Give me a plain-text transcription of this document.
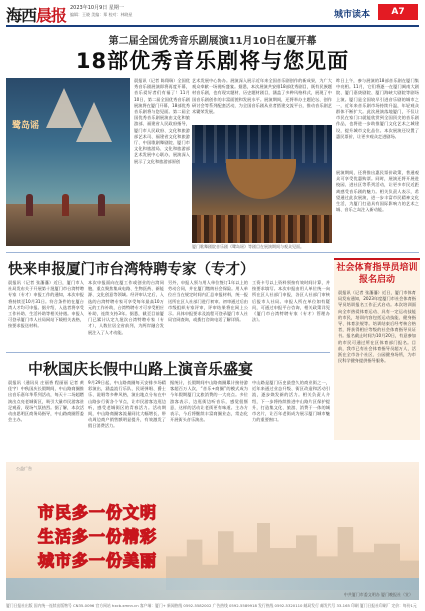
海西晨报 2023年10月9日 星期一
编辑：王晓 美编：郑 校对：林晓星	城市读本	A7
第二届全国优秀音乐剧展演11月10日在厦开幕
18部优秀音乐剧将与您见面
鹭岛谣
晨报讯（记者 陈翔瑞）全国优秀音乐剧展演即将再度开幕，音乐爱好者们有福了！11月10日，第二届全国优秀音乐剧展演将在厦门开幕，18部优秀音乐剧将与您见面。第二届全国优秀音乐剧展演由文化和旅游部、福建省人民政府指导，厦门市人民政府、文化和旅游部艺术司、福建省文化和旅游厅、中国歌剧舞剧院、厦门市文化和旅游局、文化和旅游部艺术发展中心联办，展演深入展示了文化和旅游部原创
艺术发展中心协办。展演深入展示近年来全国音乐剧创作的新成果，为广大观众奉献一场视听盛宴。据悉，本次展演共安排18部优秀剧目，既有民族题材音乐剧，也有现实题材、历史题材剧目，涵盖了多种风格样式，展现了中国音乐剧创作的丰富面貌和发展水平。展演期间，还将举办主题论坛、创作研讨会等系列配套活动，为全国音乐剧从业者搭建交流平台，推动音乐剧艺术繁荣发展。
厦门歌舞剧院音乐剧《鹭岛谣》等剧目在展演期间与观众见面。
昨日上午，参与展演的18部音乐剧在厦门集中亮相。11月，它们将逐一在厦门闽南大剧院、厦门嘉庚剧院、厦门海峡大剧院等剧场上演。厦门是全国较早引进音乐剧的城市之一，近年来音乐剧市场持续升温，年轻观众群体不断扩大。此次展演落地厦门，不仅让市民在家门口就能欣赏到全国顶尖的音乐剧作品，也将进一步助推厦门文化艺术之城建设，提升城市文化品位。本次展演还设置了惠民票价，让更多观众走进剧场。
展演期间，还将推出惠民票价政策，普通观众可享受优惠购票。同时，展演还将开展进校园、进社区等系列活动，让更多市民近距离感受音乐剧的魅力。相关负责人表示，希望通过此次展演，进一步丰富市民精神文化生活，为厦门打造具有国际影响力的艺术之城、音乐之岛注入新动能。
快来申报厦门市台湾特聘专家（专才）
晨报讯（记者 张藩藩）近日，厦门市人社局发布关于开展第十批厦门市台湾特聘专家（专才）申报工作的通知，本次申报将持续至10月31日。符合条件的在厦台湾人才均可申报。据介绍，入选者将享受工作补助、生活补助等相关待遇。申报人可登录厦门市人社局网站下载相关表格，按要求报送材料。
本次申报面向在厦工作或创业的台湾同胞，重点聚焦集成电路、生物医药、新能源、文化创意等领域。经评审认定后，入选的台湾特聘专家可享受每年最高10万元的工作补助，台湾特聘专才可享受相应补助，连续支持3年。据悉，截至目前厦门已累计认定九批次台湾特聘专家（专才），人数位居全省前列，为两岸融合发展注入了人才动能。
另外，申报人须与用人单位签订1年以上的劳动合同，并在厦门缴纳社会保险。用人单位应当在规定时间内汇总申报材料，统一报送所在区人社部门进行初审。初审通过后由市级组织专家评审，评审结果将在网上公示。具体申报要求及流程可登录厦门市人社局官网查询，或拨打咨询电话了解详情。
工资卡号以上资料须按有效时间计算，并按要求填写。本次申报由用人单位统一向所在区人社部门申报，各区人社部门审核后报市人社局。申报人所在单位如有疑问，可通过申报平台咨询，相关政策详见《厦门市台湾特聘专家（专才）管理办法》。
社会体育指导员培训报名启动
晨报讯（记者 张藩藩）近日，厦门市体育局发布通知，2023年度厦门市社会体育指导员培训报名工作正式启动。本次培训面向全市热爱体育运动、具有一定运动技能的市民，培训内容包括运动技能、健身指导、体育法规等。培训结束后经考核合格者，将获得相应等级的社会体育指导员证书。报名截止时间为10月20日，有意参加的市民可通过所在区体育部门报名。目前，我市已有社会体育指导员超万人，活跃在全市各个社区、公园健身场所，为市民科学健身提供指导服务。
中秋国庆长假中山路上演音乐盛宴
晨报讯（通讯员 庄丽香 程丽丽 记者 黄佳宇）中秋国庆长假期间，中山路商圈推出音乐嘉年华系列活动，每天十二场超燃演出点亮老城街区，吸引大量市民游客驻足观看，现场气氛热烈。据了解，本次活动由思明区商务局指导，中山路商圈管委会主办。
9月29日起，中山路商圈每天安排多场精彩演出，涵盖流行乐队、民谣弹唱、爵士乐、说唱等多种风格，演出地点分布在中山路步行街各个节点，让市民游客边逛边听，感受老城街区的青春活力。活动期间，中山路商圈客流量同比大幅增长，带动周边商户销售额明显提升，有效激发了假日消费活力。
据统计，长假期间中山路商圈累计接待游客超百万人次，“音乐+商圈”的模式成为今年假期厦门文旅消费的一大亮点。多位游客表示，边逛街边听音乐，感觉很惬意，这样的活动让老街更有味道。主办方表示，今后将继续丰富商圈业态，常态化开展街头音乐演出。
中山路是厦门历史最悠久的商业街之一，近年来通过业态升级、街区改造和活动引流，逐步焕发新的活力。相关负责人介绍，下一步将持续推进中山路片区保护提升，打造集文化、旅游、消费于一体的城市名片，让百年老街成为展示厦门城市魅力的重要窗口。
公益广告
市民多一份文明
生活多一份精彩
城市多一份美丽
中共厦门市委文明办 厦门晚报社（宣）
厦门日报社出版 国内统一连续出版物号 CN35-0096 官方网站 hxcb.xmnn.cn 客户端：厦门+ 新闻热线 0592-5582002 广告热线 0592-5589918 发行热线 0592-5320110 邮局发行 邮发代号 33-165 印刷 厦门日报社印刷厂 定价：每份1元
